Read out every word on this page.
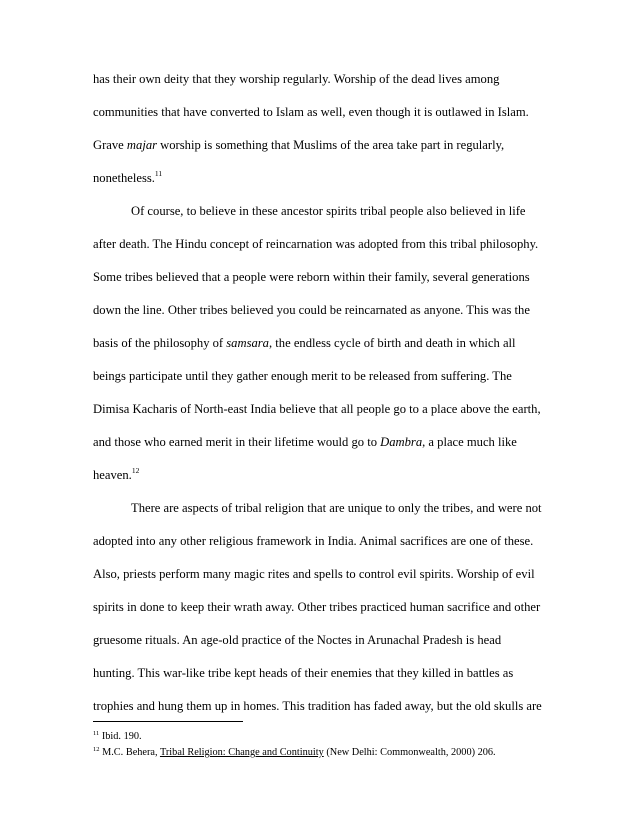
has their own deity that they worship regularly. Worship of the dead lives among
communities that have converted to Islam as well, even though it is outlawed in Islam.
Grave majar worship is something that Muslims of the area take part in regularly,
nonetheless.$^{11}$
Of course, to believe in these ancestor spirits tribal people also believed in life
after death. The Hindu concept of reincarnation was adopted from this tribal philosophy.
Some tribes believed that a people were reborn within their family, several generations
down the line. Other tribes believed you could be reincarnated as anyone. This was the
basis of the philosophy of samsara, the endless cycle of birth and death in which all
beings participate until they gather enough merit to be released from suffering. The
Dimisa Kacharis of North-east India believe that all people go to a place above the earth,
and those who earned merit in their lifetime would go to Dambra, a place much like
heaven.$^{12}$
There are aspects of tribal religion that are unique to only the tribes, and were not
adopted into any other religious framework in India. Animal sacrifices are one of these.
Also, priests perform many magic rites and spells to control evil spirits. Worship of evil
spirits in done to keep their wrath away. Other tribes practiced human sacrifice and other
gruesome rituals. An age-old practice of the Noctes in Arunachal Pradesh is head
hunting. This war-like tribe kept heads of their enemies that they killed in battles as
trophies and hung them up in homes. This tradition has faded away, but the old skulls are
$^{11}$ Ibid. 190.
$^{12}$ M.C. Behera, Tribal Religion: Change and Continuity (New Delhi: Commonwealth, 2000) 206.
